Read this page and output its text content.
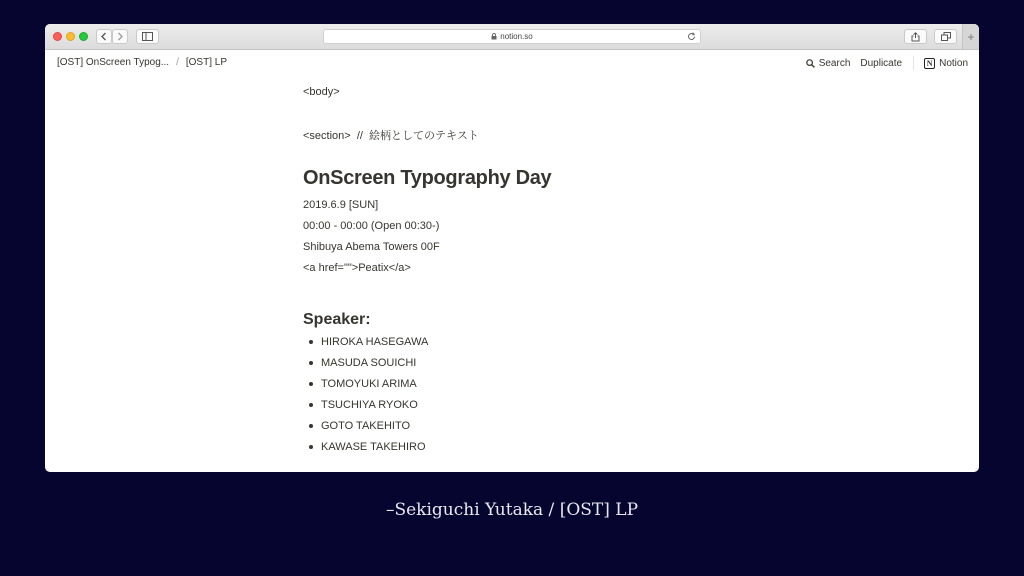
notion.so	+
[OST] OnScreen Typog... / [OST] LP	Search Duplicate	N Notion
<body>
<section>  //  絵柄としてのテキスト
OnScreen Typography Day
2019.6.9 [SUN]
00:00 - 00:00 (Open 00:30-)
Shibuya Abema Towers 00F
<a href="">Peatix</a>
Speaker:
HIROKA HASEGAWA
MASUDA SOUICHI
TOMOYUKI ARIMA
TSUCHIYA RYOKO
GOTO TAKEHITO
KAWASE TAKEHIRO
–Sekiguchi Yutaka / [OST] LP
